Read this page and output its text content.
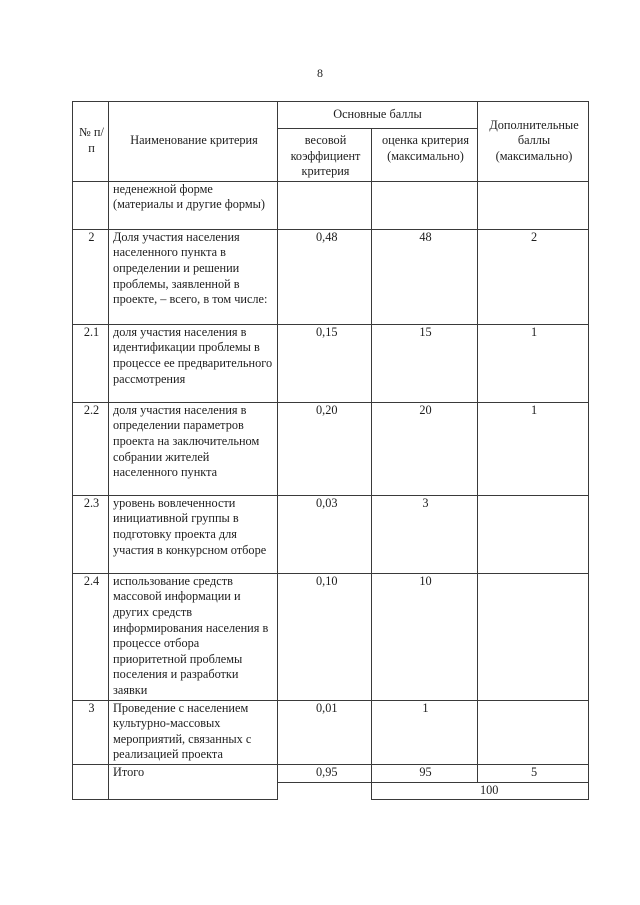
8
№ п/п	Наименование критерия	Основные баллы		Дополнительные баллы (максимально)
		весовой коэффициент критерия	оценка критерия (максимально)	
	неденежной форме (материалы и другие формы)			
2	Доля участия населения населенного пункта в определении и решении проблемы, заявленной в проекте, – всего, в том числе:	0,48	48	2
2.1	доля участия населения в идентификации проблемы в процессе ее предварительного рассмотрения	0,15	15	1
2.2	доля участия населения в определении параметров проекта на заключительном собрании жителей населенного пункта	0,20	20	1
2.3	уровень вовлеченности инициативной группы в подготовку проекта для участия в конкурсном отборе	0,03	3	
2.4	использование средств массовой информации и других средств информирования населения в процессе отбора приоритетной проблемы поселения и разработки заявки	0,10	10	
3	Проведение с населением культурно-массовых мероприятий, связанных с реализацией проекта	0,01	1	
	Итого	0,95	95	5
			100	
